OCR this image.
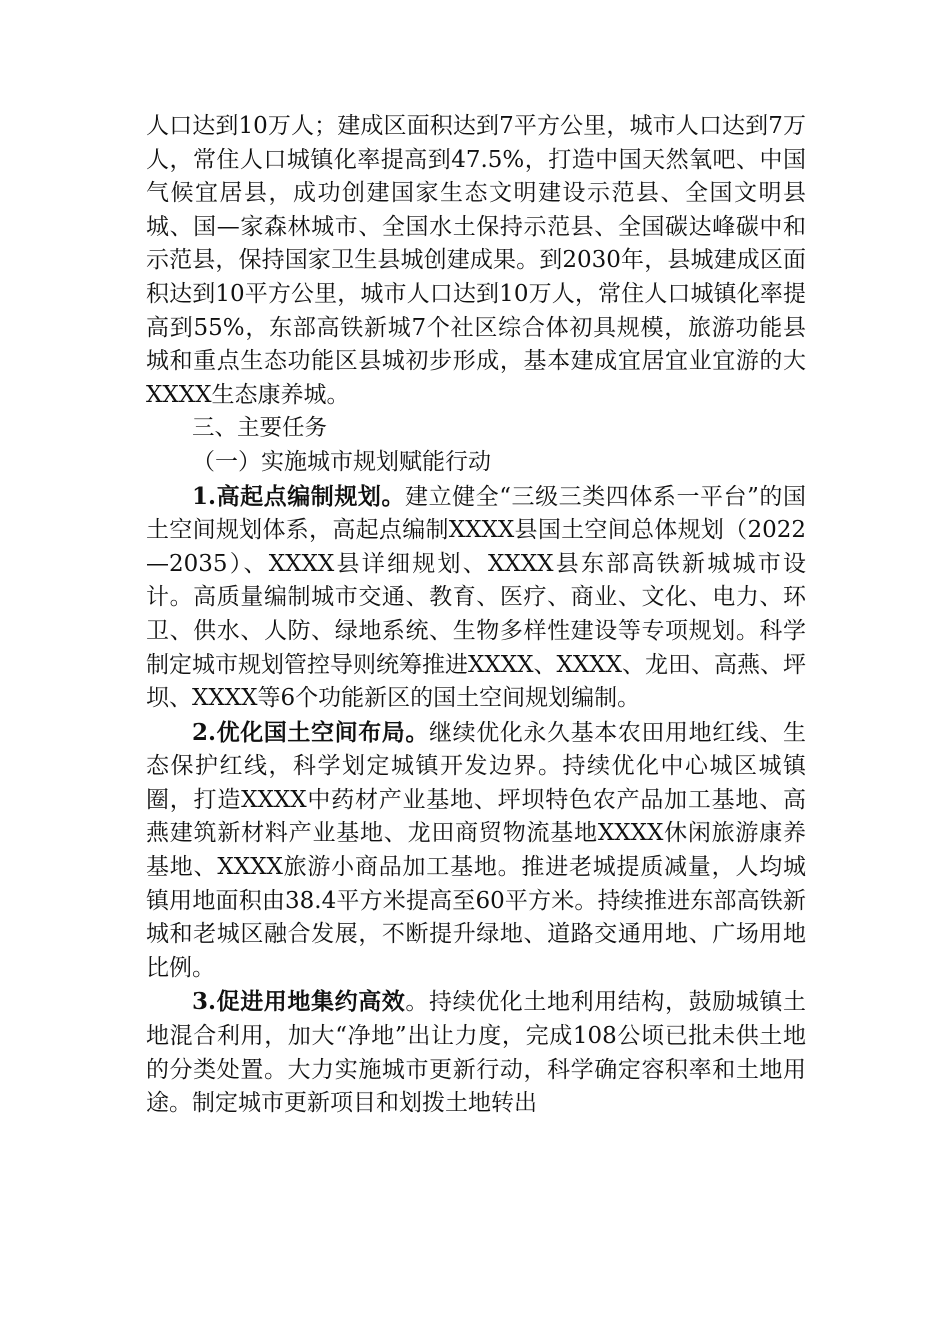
人口达到10万人；建成区面积达到7平方公里，城市人口达到7万人，常住人口城镇化率提高到47.5%，打造中国天然氧吧、中国气候宜居县，成功创建国家生态文明建设示范县、全国文明县城、国—家森林城市、全国水土保持示范县、全国碳达峰碳中和示范县，保持国家卫生县城创建成果。到2030年，县城建成区面积达到10平方公里，城市人口达到10万人，常住人口城镇化率提高到55%，东部高铁新城7个社区综合体初具规模，旅游功能县城和重点生态功能区县城初步形成，基本建成宜居宜业宜游的大XXXX生态康养城。

三、主要任务

（一）实施城市规划赋能行动

1.高起点编制规划。建立健全“三级三类四体系一平台”的国土空间规划体系，高起点编制XXXX县国土空间总体规划（2022—2035）、XXXX县详细规划、XXXX县东部高铁新城城市设计。高质量编制城市交通、教育、医疗、商业、文化、电力、环卫、供水、人防、绿地系统、生物多样性建设等专项规划。科学制定城市规划管控导则统筹推进XXXX、XXXX、龙田、高燕、坪坝、XXXX等6个功能新区的国土空间规划编制。

2.优化国土空间布局。继续优化永久基本农田用地红线、生态保护红线，科学划定城镇开发边界。持续优化中心城区城镇圈，打造XXXX中药材产业基地、坪坝特色农产品加工基地、高燕建筑新材料产业基地、龙田商贸物流基地XXXX休闲旅游康养基地、XXXX旅游小商品加工基地。推进老城提质减量，人均城镇用地面积由38.4平方米提高至60平方米。持续推进东部高铁新城和老城区融合发展，不断提升绿地、道路交通用地、广场用地比例。

3.促进用地集约高效。持续优化土地利用结构，鼓励城镇土地混合利用，加大“净地”出让力度，完成108公顷已批未供土地的分类处置。大力实施城市更新行动，科学确定容积率和土地用途。制定城市更新项目和划拨土地转出
